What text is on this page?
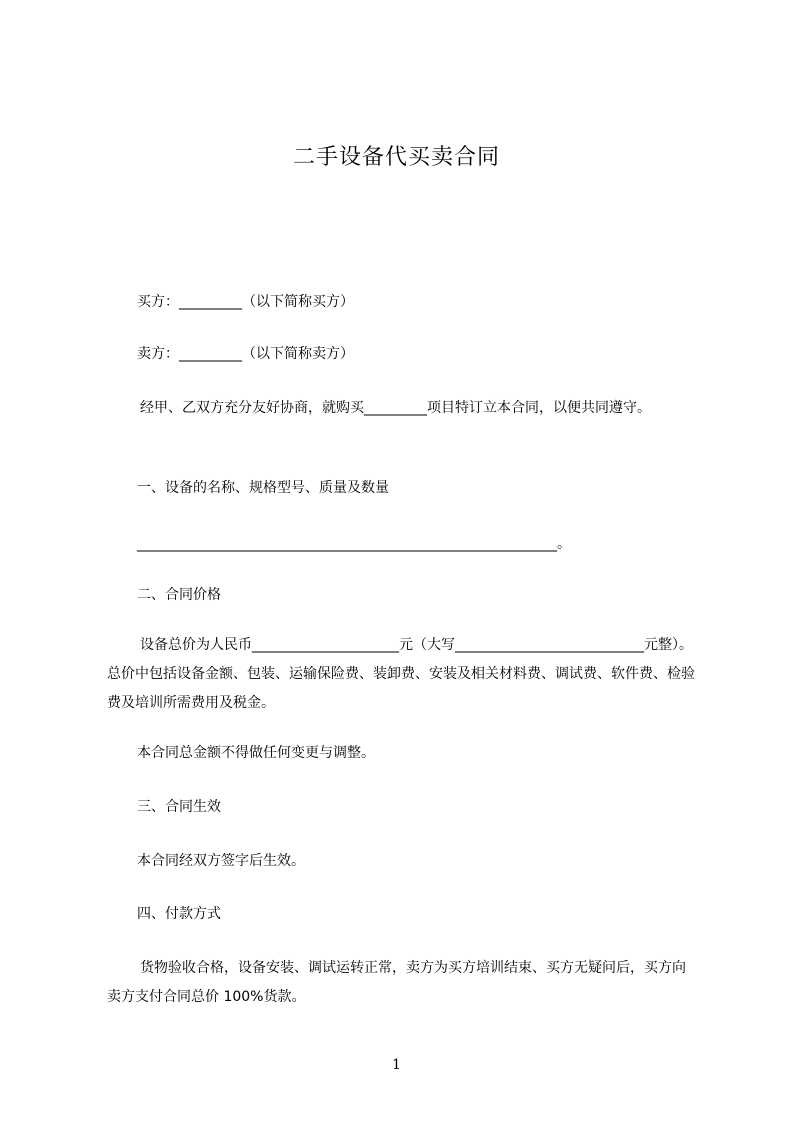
二手设备代买卖合同
买方：_________（以下简称买方）
卖方：_________（以下简称卖方）
经甲、乙双方充分友好协商，就购买_________项目特订立本合同，以便共同遵守。
一、设备的名称、规格型号、质量及数量
____________________________________________________________。
二、合同价格
设备总价为人民币_____________________元（大写___________________________元整）。总价中包括设备金额、包装、运输保险费、装卸费、安装及相关材料费、调试费、软件费、检验费及培训所需费用及税金。
本合同总金额不得做任何变更与调整。
三、合同生效
本合同经双方签字后生效。
四、付款方式
货物验收合格，设备安装、调试运转正常，卖方为买方培训结束、买方无疑问后，买方向卖方支付合同总价 100%货款。
1
